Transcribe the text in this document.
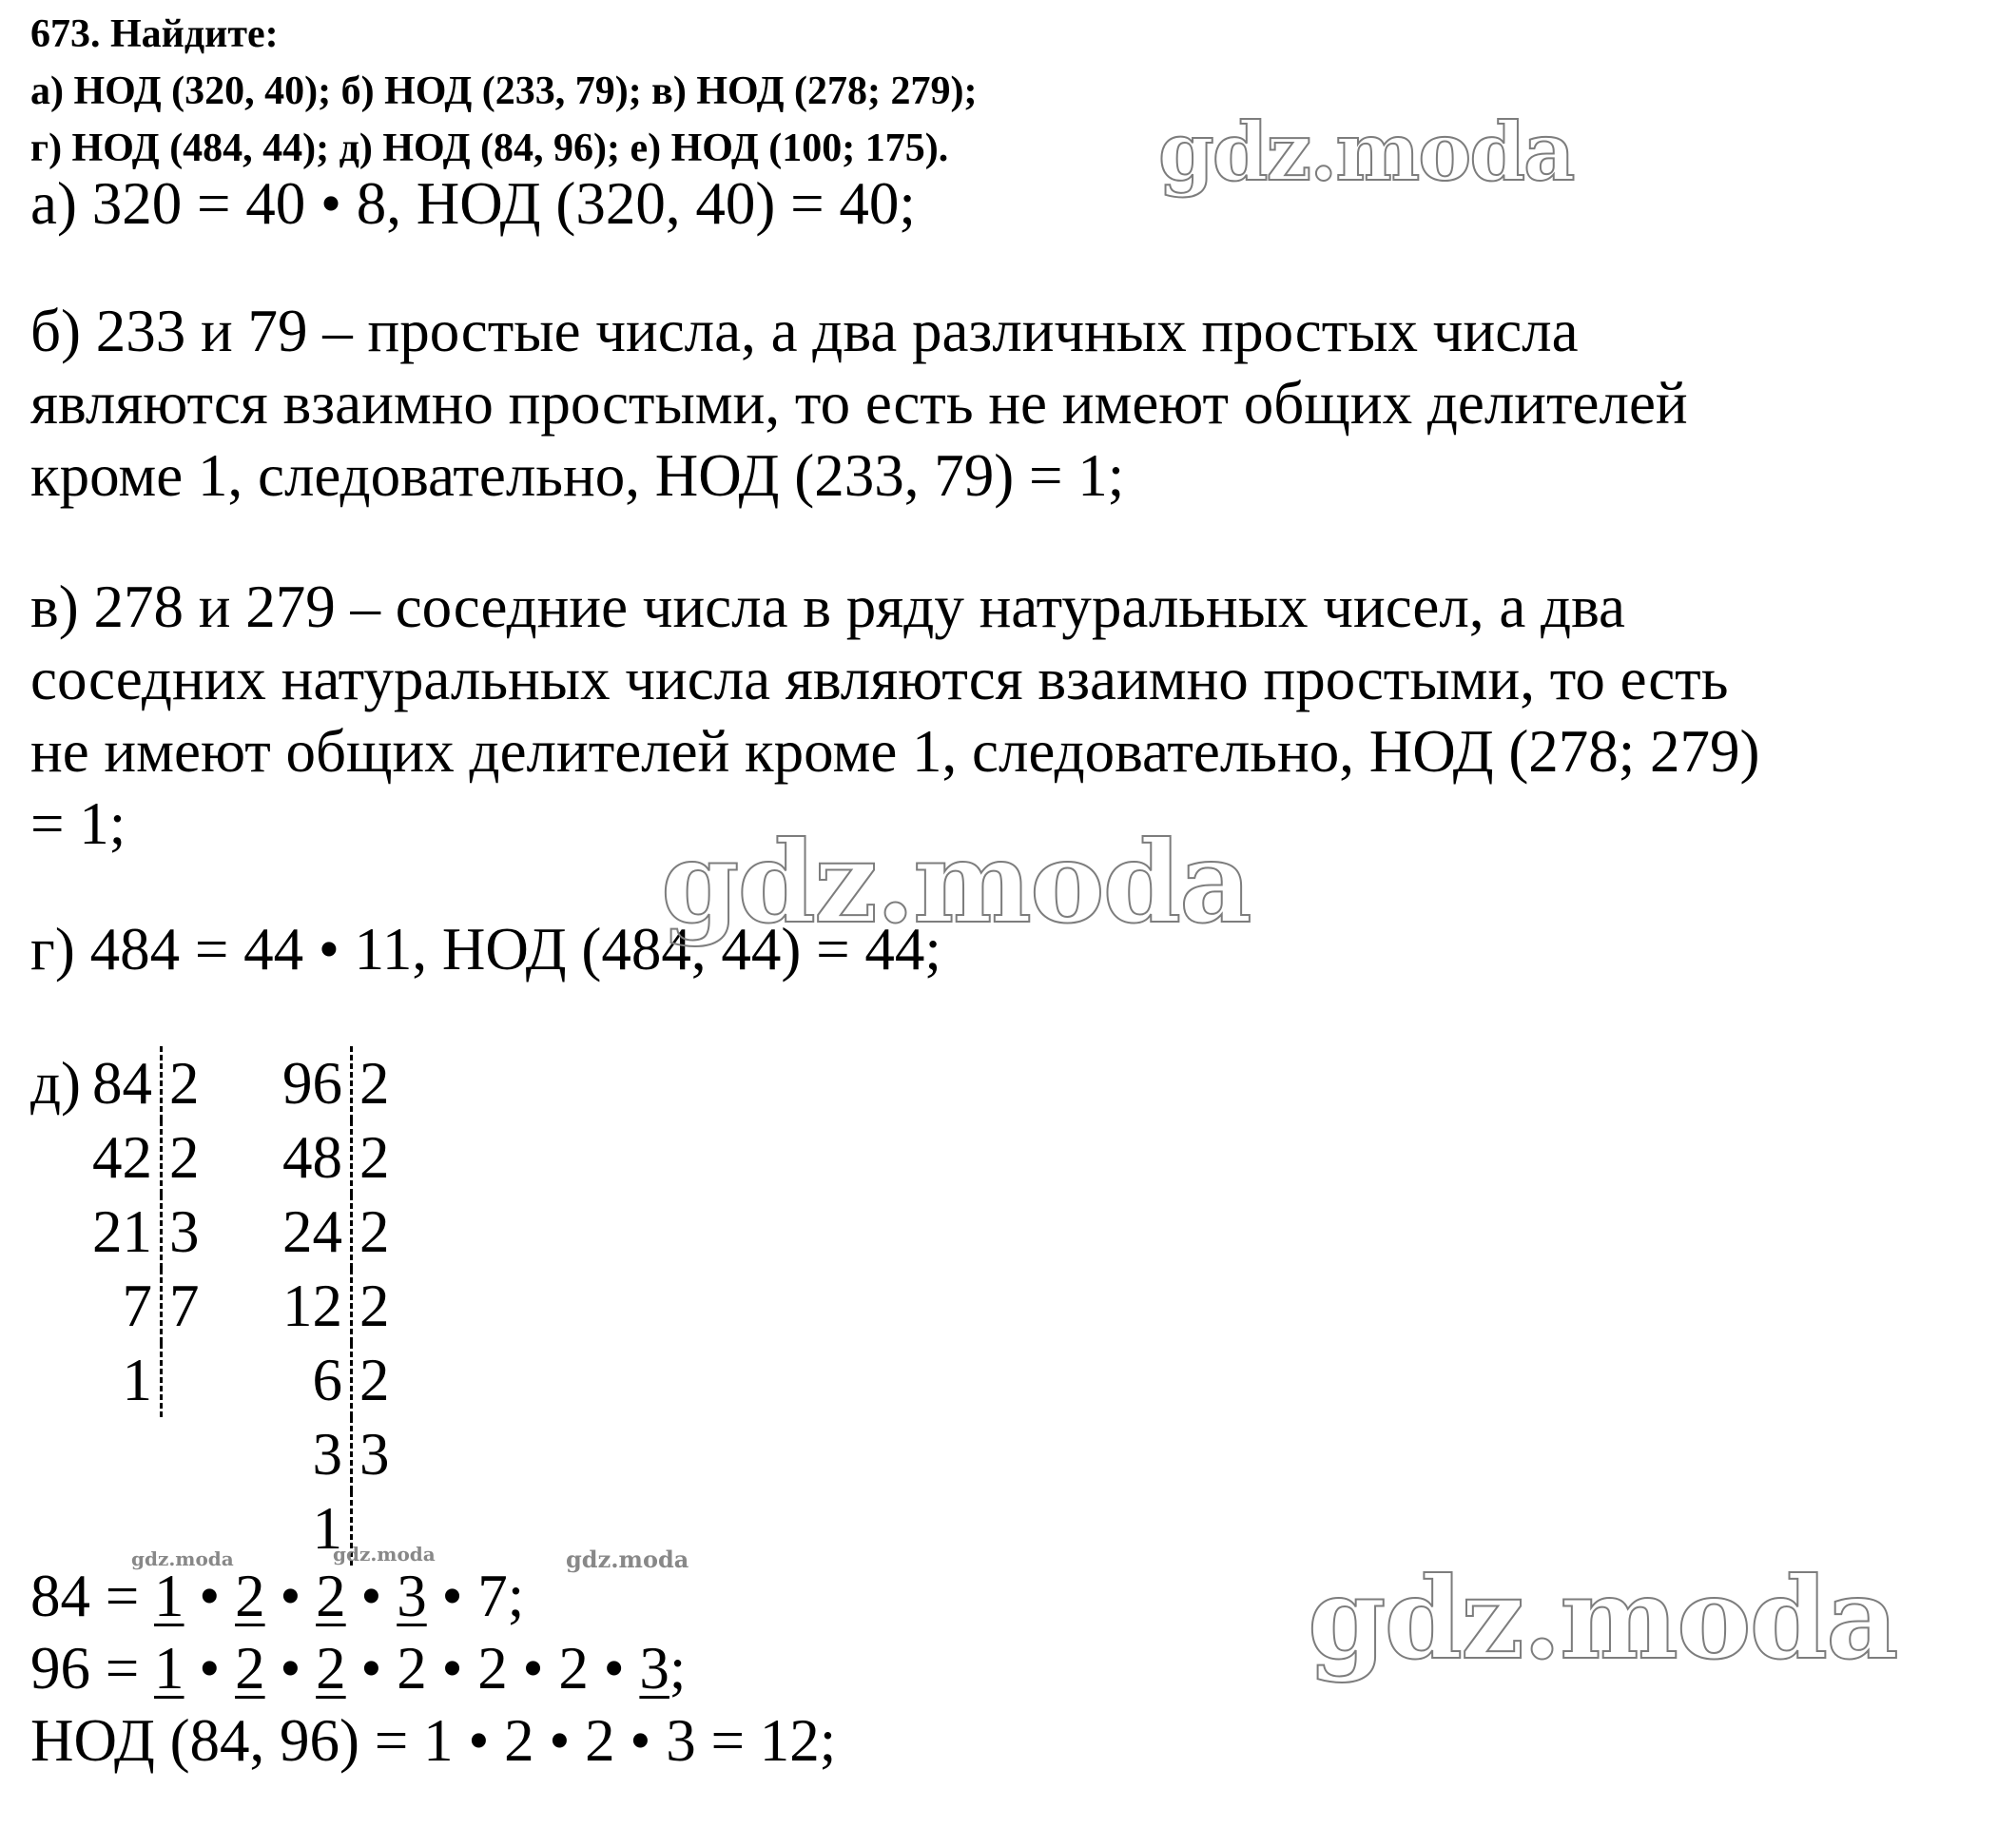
673. Найдите:
а) НОД (320, 40); б) НОД (233, 79); в) НОД (278; 279);
г) НОД (484, 44); д) НОД (84, 96); е) НОД (100; 175).
а) 320 = 40 • 8, НОД (320, 40) = 40;
б) 233 и 79 – простые числа, а два различных простых числа
являются взаимно простыми, то есть не имеют общих делителей
кроме 1, следовательно, НОД (233, 79) = 1;
в) 278 и 279 – соседние числа в ряду натуральных чисел, а два
соседних натуральных числа являются взаимно простыми, то есть
не имеют общих делителей кроме 1, следовательно, НОД (278; 279)
= 1;
г) 484 = 44 • 11, НОД (484, 44) = 44;
д) 84 2
42 2
21 3
7 7
1
96 2
48 2
24 2
12 2
6 2
3 3
1
84 = 1 • 2 • 2 • 3 • 7;
96 = 1 • 2 • 2 • 2 • 2 • 2 • 3;
НОД (84, 96) = 1 • 2 • 2 • 3 = 12;
gdz.moda
gdz.moda
gdz.moda
gdz.moda	gdz.moda	gdz.moda
